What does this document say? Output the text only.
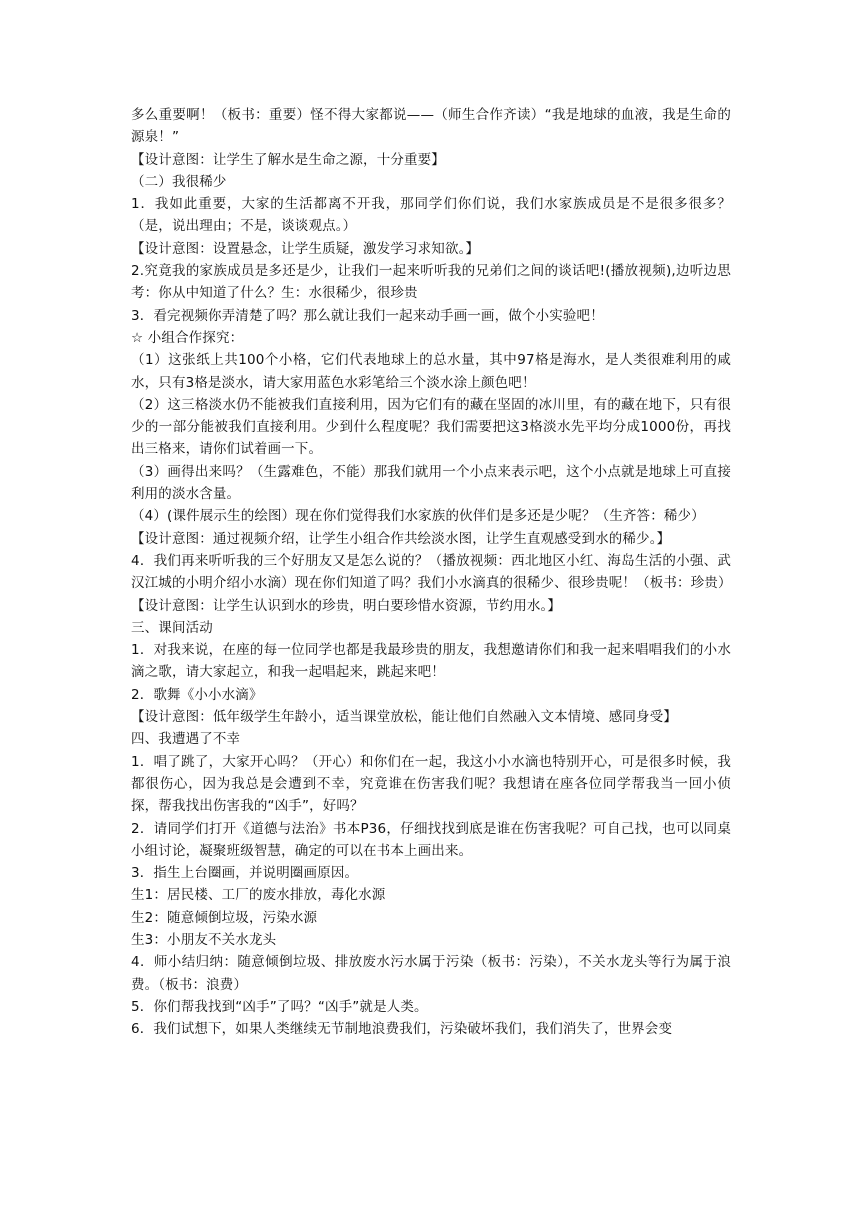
多么重要啊！（板书：重要）怪不得大家都说——（师生合作齐读）“我是地球的血液，我是生命的源泉！”

【设计意图：让学生了解水是生命之源，十分重要】

（二）我很稀少

1．我如此重要，大家的生活都离不开我，那同学们你们说，我们水家族成员是不是很多很多？（是，说出理由；不是，谈谈观点。）

【设计意图：设置悬念，让学生质疑，激发学习求知欲。】

2.究竟我的家族成员是多还是少，让我们一起来听听我的兄弟们之间的谈话吧!(播放视频),边听边思考：你从中知道了什么？生：水很稀少，很珍贵

3．看完视频你弄清楚了吗？那么就让我们一起来动手画一画，做个小实验吧！

☆ 小组合作探究：

（1）这张纸上共100个小格，它们代表地球上的总水量，其中97格是海水，是人类很难利用的咸水，只有3格是淡水，请大家用蓝色水彩笔给三个淡水涂上颜色吧！

（2）这三格淡水仍不能被我们直接利用，因为它们有的藏在坚固的冰川里，有的藏在地下，只有很少的一部分能被我们直接利用。少到什么程度呢？我们需要把这3格淡水先平均分成1000份，再找出三格来，请你们试着画一下。

（3）画得出来吗？（生露难色，不能）那我们就用一个小点来表示吧，这个小点就是地球上可直接利用的淡水含量。

（4）(课件展示生的绘图）现在你们觉得我们水家族的伙伴们是多还是少呢？（生齐答：稀少）

【设计意图：通过视频介绍，让学生小组合作共绘淡水图，让学生直观感受到水的稀少。】

4．我们再来听听我的三个好朋友又是怎么说的？（播放视频：西北地区小红、海岛生活的小强、武汉江城的小明介绍小水滴）现在你们知道了吗？我们小水滴真的很稀少、很珍贵呢！（板书：珍贵）

【设计意图：让学生认识到水的珍贵，明白要珍惜水资源，节约用水。】

三、课间活动

1．对我来说，在座的每一位同学也都是我最珍贵的朋友，我想邀请你们和我一起来唱唱我们的小水滴之歌，请大家起立，和我一起唱起来，跳起来吧！

2．歌舞《小小水滴》

【设计意图：低年级学生年龄小，适当课堂放松，能让他们自然融入文本情境、感同身受】

四、我遭遇了不幸

1．唱了跳了，大家开心吗？（开心）和你们在一起，我这小小水滴也特别开心，可是很多时候，我都很伤心，因为我总是会遭到不幸，究竟谁在伤害我们呢？我想请在座各位同学帮我当一回小侦探，帮我找出伤害我的“凶手”，好吗？

2．请同学们打开《道德与法治》书本P36，仔细找找到底是谁在伤害我呢？可自己找，也可以同桌小组讨论，凝聚班级智慧，确定的可以在书本上画出来。

3．指生上台圈画，并说明圈画原因。

生1：居民楼、工厂的废水排放，毒化水源

生2：随意倾倒垃圾，污染水源

生3：小朋友不关水龙头

4．师小结归纳：随意倾倒垃圾、排放废水污水属于污染（板书：污染），不关水龙头等行为属于浪费。（板书：浪费）

5．你们帮我找到“凶手”了吗？“凶手”就是人类。

6．我们试想下，如果人类继续无节制地浪费我们，污染破坏我们，我们消失了，世界会变
